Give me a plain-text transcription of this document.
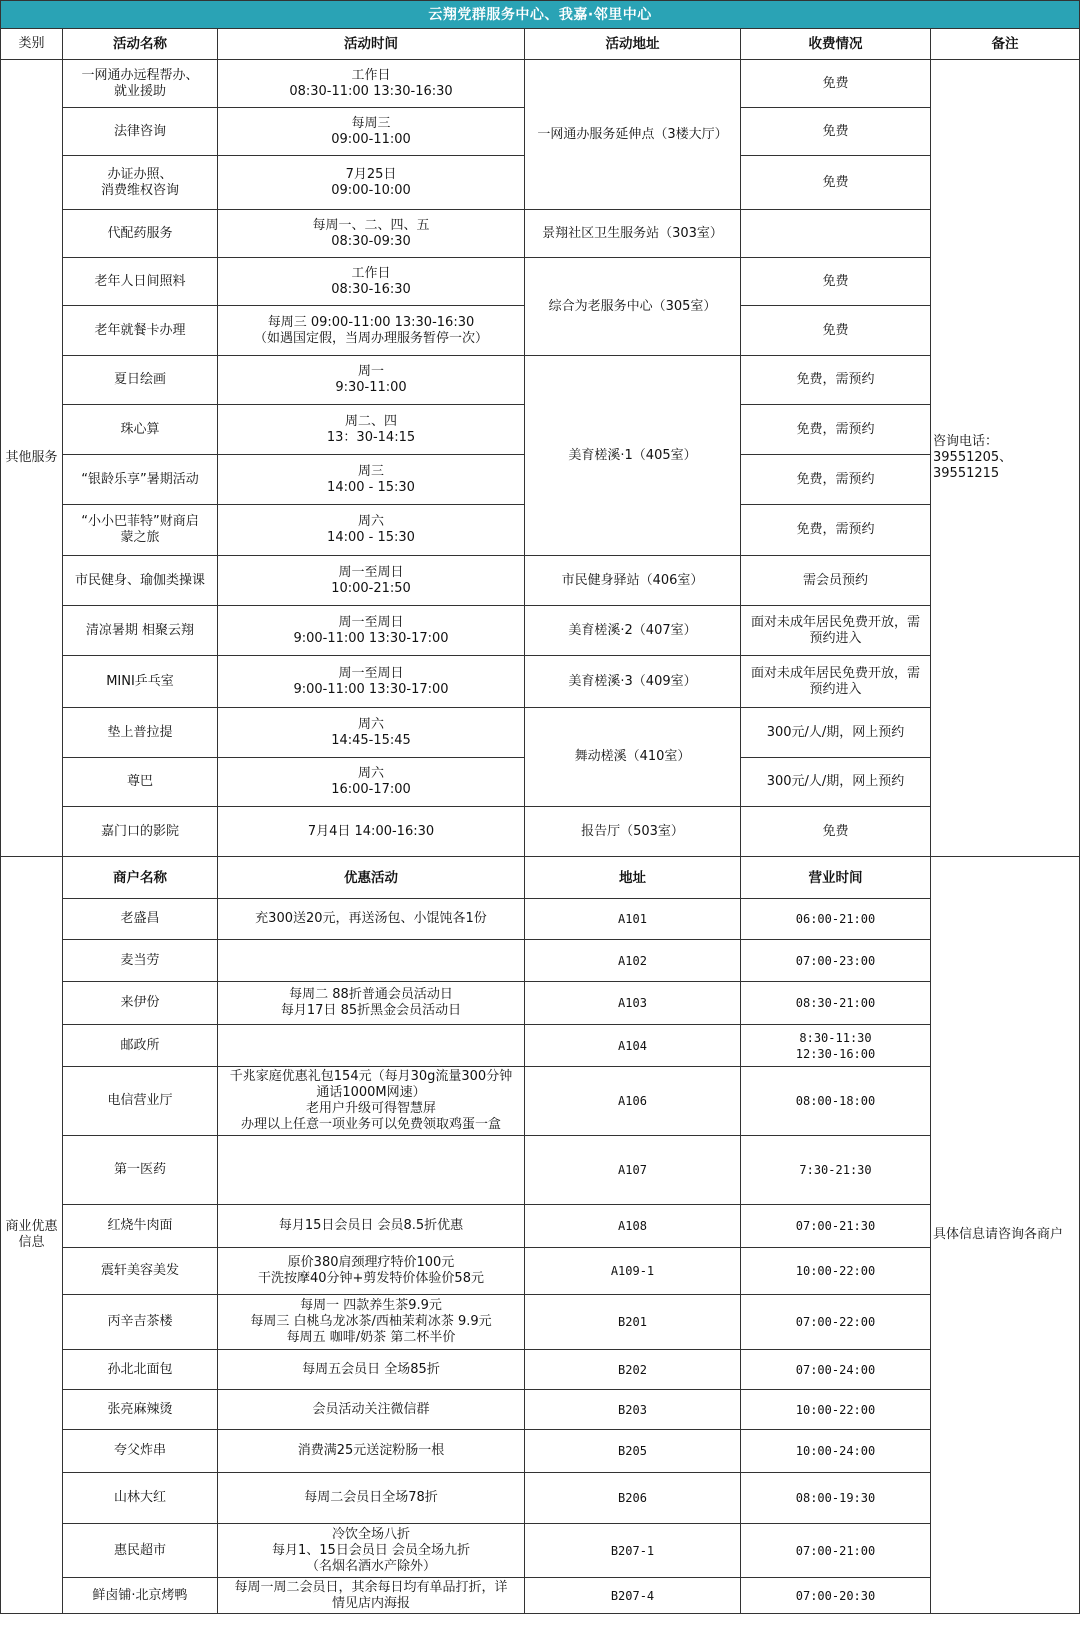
云翔党群服务中心、我嘉·邻里中心					
类别	活动名称	活动时间	活动地址	收费情况	备注
其他服务	一网通办远程帮办、
就业援助	工作日
08:30-11:00 13:30-16:30	一网通办服务延伸点（3楼大厅）	免费	咨询电话：39551205、39551215
	法律咨询	每周三
09:00-11:00		免费	
	办证办照、
消费维权咨询	7月25日
09:00-10:00		免费	
	代配药服务	每周一、二、四、五
08:30-09:30	景翔社区卫生服务站（303室）		
	老年人日间照料	工作日
08:30-16:30	综合为老服务中心（305室）	免费	
	老年就餐卡办理	每周三 09:00-11:00 13:30-16:30
（如遇国定假，当周办理服务暂停一次）		免费	
	夏日绘画	周一
9:30-11:00	美育槎溪·1（405室）	免费，需预约	
	珠心算	周二、四
13：30-14:15		免费，需预约	
	“银龄乐享”暑期活动	周三
14:00 - 15:30		免费，需预约	
	“小小巴菲特”财商启
蒙之旅	周六
14:00 - 15:30		免费，需预约	
	市民健身、瑜伽类操课	周一至周日
10:00-21:50	市民健身驿站（406室）	需会员预约	
	清凉暑期 相聚云翔	周一至周日
9:00-11:00 13:30-17:00	美育槎溪·2（407室）	面对未成年居民免费开放，需
预约进入	
	MINI乒乓室	周一至周日
9:00-11:00 13:30-17:00	美育槎溪·3（409室）	面对未成年居民免费开放，需
预约进入	
	垫上普拉提	周六
14:45-15:45	舞动槎溪（410室）	300元/人/期，网上预约	
	尊巴	周六
16:00-17:00		300元/人/期，网上预约	
	嘉门口的影院	7月4日 14:00-16:30	报告厅（503室）	免费	
商业优惠
信息	商户名称	优惠活动	地址	营业时间	具体信息请咨询各商户
	老盛昌	充300送20元，再送汤包、小馄饨各1份	A101	06:00-21:00	
	麦当劳		A102	07:00-23:00	
	来伊份	每周二 88折普通会员活动日
每月17日 85折黑金会员活动日	A103	08:30-21:00	
	邮政所		A104	8:30-11:30
12:30-16:00	
	电信营业厅	千兆家庭优惠礼包154元（每月30g流量300分钟
通话1000M网速）
老用户升级可得智慧屏
办理以上任意一项业务可以免费领取鸡蛋一盒	A106	08:00-18:00	
	第一医药		A107	7:30-21:30	
	红烧牛肉面	每月15日会员日 会员8.5折优惠	A108	07:00-21:30	
	震轩美容美发	原价380肩颈理疗特价100元
干洗按摩40分钟+剪发特价体验价58元	A109-1	10:00-22:00	
	丙辛吉茶楼	每周一 四款养生茶9.9元
每周三 白桃乌龙冰茶/西柚茉莉冰茶 9.9元
每周五 咖啡/奶茶 第二杯半价	B201	07:00-22:00	
	孙北北面包	每周五会员日 全场85折	B202	07:00-24:00	
	张亮麻辣烫	会员活动关注微信群	B203	10:00-22:00	
	夸父炸串	消费满25元送淀粉肠一根	B205	10:00-24:00	
	山林大红	每周二会员日全场78折	B206	08:00-19:30	
	惠民超市	冷饮全场八折
每月1、15日会员日 会员全场九折
（名烟名酒水产除外）	B207-1	07:00-21:00	
	鲜卤铺·北京烤鸭	每周一周二会员日，其余每日均有单品打折，详
情见店内海报	B207-4	07:00-20:30	
